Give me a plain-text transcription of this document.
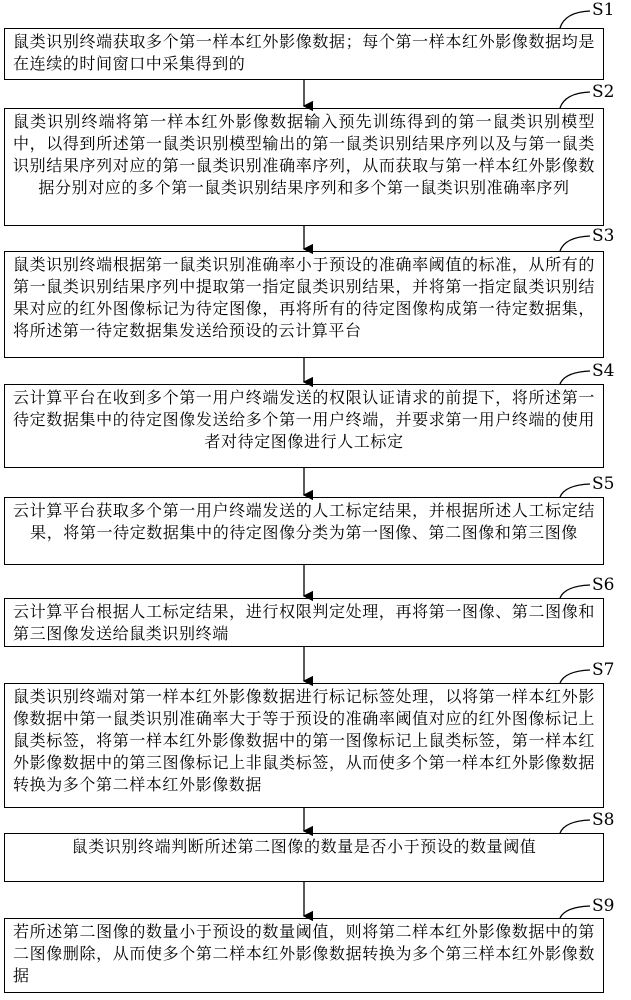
鼠类识别终端获取多个第一样本红外影像数据；每个第一样本红外影像数据均是在连续的时间窗口中采集得到的
鼠类识别终端将第一样本红外影像数据输入预先训练得到的第一鼠类识别模型中，以得到所述第一鼠类识别模型输出的第一鼠类识别结果序列以及与第一鼠类识别结果序列对应的第一鼠类识别准确率序列，从而获取与第一样本红外影像数据分别对应的多个第一鼠类识别结果序列和多个第一鼠类识别准确率序列
鼠类识别终端根据第一鼠类识别准确率小于预设的准确率阈值的标准，从所有的第一鼠类识别结果序列中提取第一指定鼠类识别结果，并将第一指定鼠类识别结果对应的红外图像标记为待定图像，再将所有的待定图像构成第一待定数据集，将所述第一待定数据集发送给预设的云计算平台
云计算平台在收到多个第一用户终端发送的权限认证请求的前提下，将所述第一待定数据集中的待定图像发送给多个第一用户终端，并要求第一用户终端的使用者对待定图像进行人工标定
云计算平台获取多个第一用户终端发送的人工标定结果，并根据所述人工标定结果，将第一待定数据集中的待定图像分类为第一图像、第二图像和第三图像
云计算平台根据人工标定结果，进行权限判定处理，再将第一图像、第二图像和第三图像发送给鼠类识别终端
鼠类识别终端对第一样本红外影像数据进行标记标签处理，以将第一样本红外影像数据中第一鼠类识别准确率大于等于预设的准确率阈值对应的红外图像标记上鼠类标签，将第一样本红外影像数据中的第一图像标记上鼠类标签，第一样本红外影像数据中的第三图像标记上非鼠类标签，从而使多个第一样本红外影像数据转换为多个第二样本红外影像数据
鼠类识别终端判断所述第二图像的数量是否小于预设的数量阈值
若所述第二图像的数量小于预设的数量阈值，则将第二样本红外影像数据中的第二图像删除，从而使多个第二样本红外影像数据转换为多个第三样本红外影像数据
S1
S2
S3
S4
S5
S6
S7
S8
S9
